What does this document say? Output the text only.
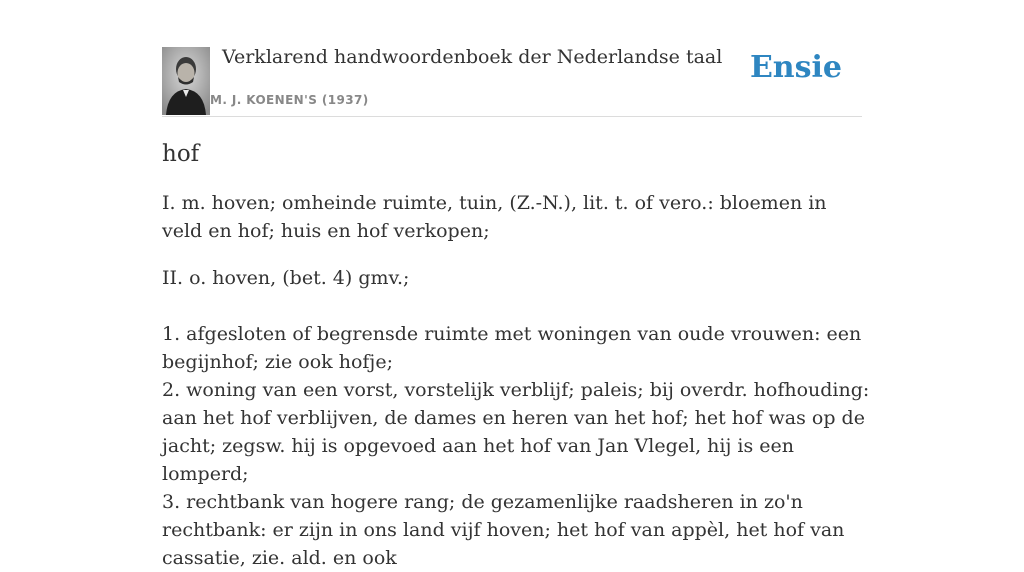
Verklarend handwoordenboek der Nederlandse taal
M. J. KOENEN'S (1937)
Ensie
hof

I. m. hoven; omheinde ruimte, tuin, (Z.-N.), lit. t. of vero.: bloemen in veld en hof; huis en hof verkopen;

II. o. hoven, (bet. 4) gmv.;

1. afgesloten of begrensde ruimte met woningen van oude vrouwen: een begijnhof; zie ook hofje;

2. woning van een vorst, vorstelijk verblijf; paleis; bij overdr. hofhouding: aan het hof verblijven, de dames en heren van het hof; het hof was op de jacht; zegsw. hij is opgevoed aan het hof van Jan Vlegel, hij is een lomperd;

3. rechtbank van hogere rang; de gezamenlijke raadsheren in zo'n rechtbank: er zijn in ons land vijf hoven; het hof van appèl, het hof van cassatie, zie. ald. en ook
